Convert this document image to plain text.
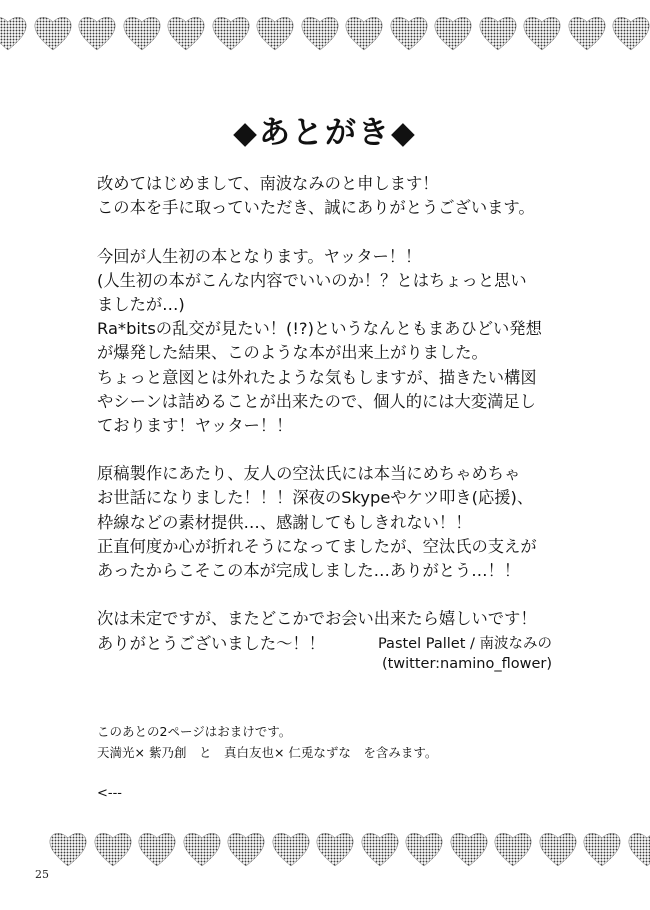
◆あとがき◆
改めてはじめまして、南波なみのと申します！
この本を手に取っていただき、誠にありがとうございます。
今回が人生初の本となります。ヤッター！！
(人生初の本がこんな内容でいいのか！？とはちょっと思い
ましたが…)
Ra*bitsの乱交が見たい！(!?)というなんともまあひどい発想
が爆発した結果、このような本が出来上がりました。
ちょっと意図とは外れたような気もしますが、描きたい構図
やシーンは詰めることが出来たので、個人的には大変満足し
ております！ヤッター！！
原稿製作にあたり、友人の空汰氏には本当にめちゃめちゃ
お世話になりました！！！深夜のSkypeやケツ叩き(応援)、
枠線などの素材提供…、感謝してもしきれない！！
正直何度か心が折れそうになってましたが、空汰氏の支えが
あったからこそこの本が完成しました…ありがとう…！！
次は未定ですが、またどこかでお会い出来たら嬉しいです！
ありがとうございました〜！！	Pastel Pallet / 南波なみの
(twitter:namino_flower)
このあとの2ページはおまけです。
天満光× 紫乃創　と　真白友也× 仁兎なずな　を含みます。
<---
25
